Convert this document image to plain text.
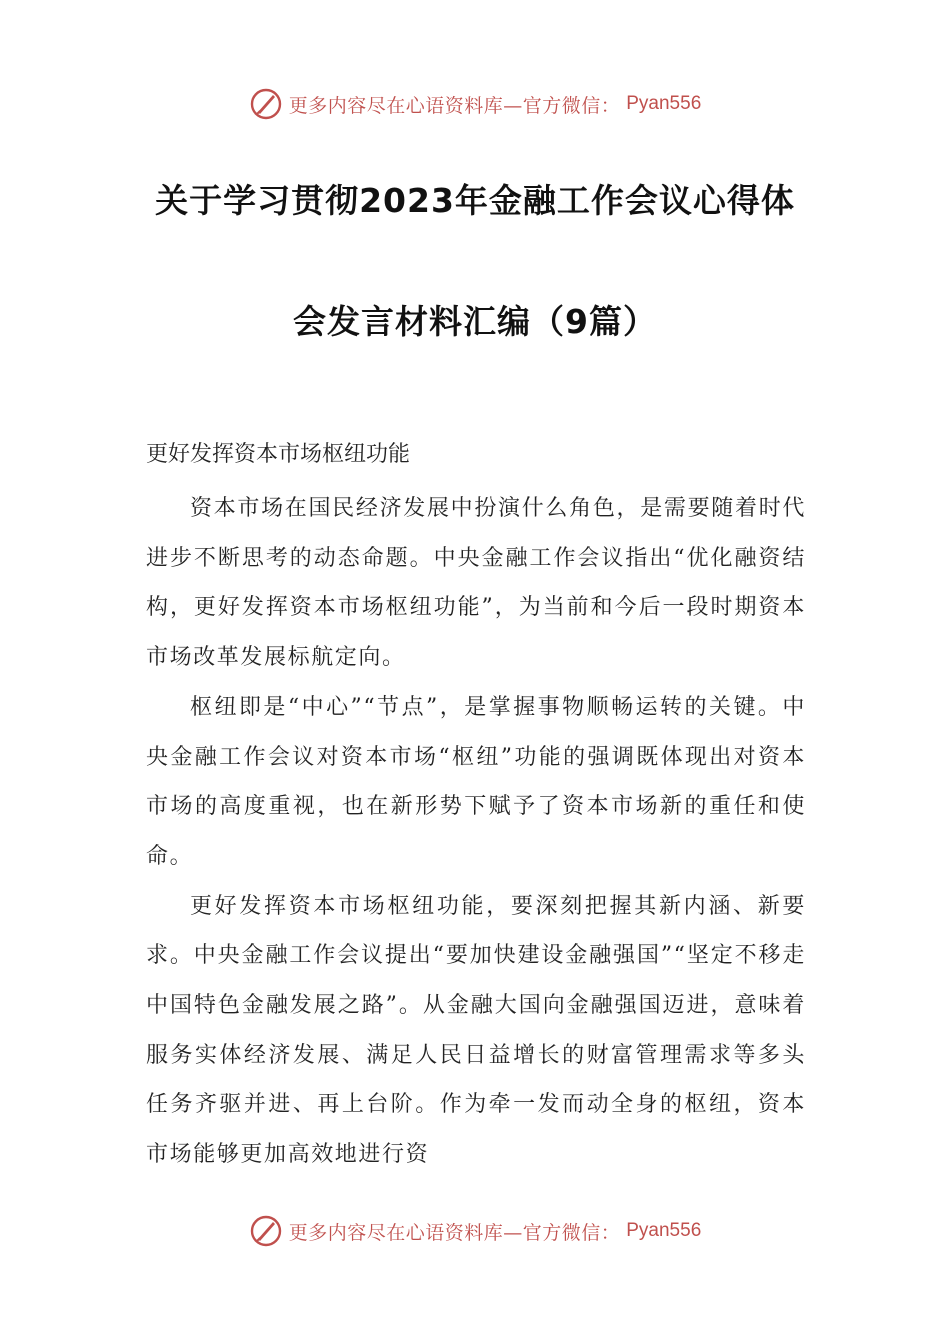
更多内容尽在心语资料库—官方微信： Pyan556
关于学习贯彻2023年金融工作会议心得体
会发言材料汇编（9篇）
更好发挥资本市场枢纽功能

资本市场在国民经济发展中扮演什么角色，是需要随着时代进步不断思考的动态命题。中央金融工作会议指出“优化融资结构，更好发挥资本市场枢纽功能”，为当前和今后一段时期资本市场改革发展标航定向。

枢纽即是“中心”“节点”，是掌握事物顺畅运转的关键。中央金融工作会议对资本市场“枢纽”功能的强调既体现出对资本市场的高度重视，也在新形势下赋予了资本市场新的重任和使命。

更好发挥资本市场枢纽功能，要深刻把握其新内涵、新要求。中央金融工作会议提出“要加快建设金融强国”“坚定不移走中国特色金融发展之路”。从金融大国向金融强国迈进，意味着服务实体经济发展、满足人民日益增长的财富管理需求等多头任务齐驱并进、再上台阶。作为牵一发而动全身的枢纽，资本市场能够更加高效地进行资

更多内容尽在心语资料库—官方微信： Pyan556
